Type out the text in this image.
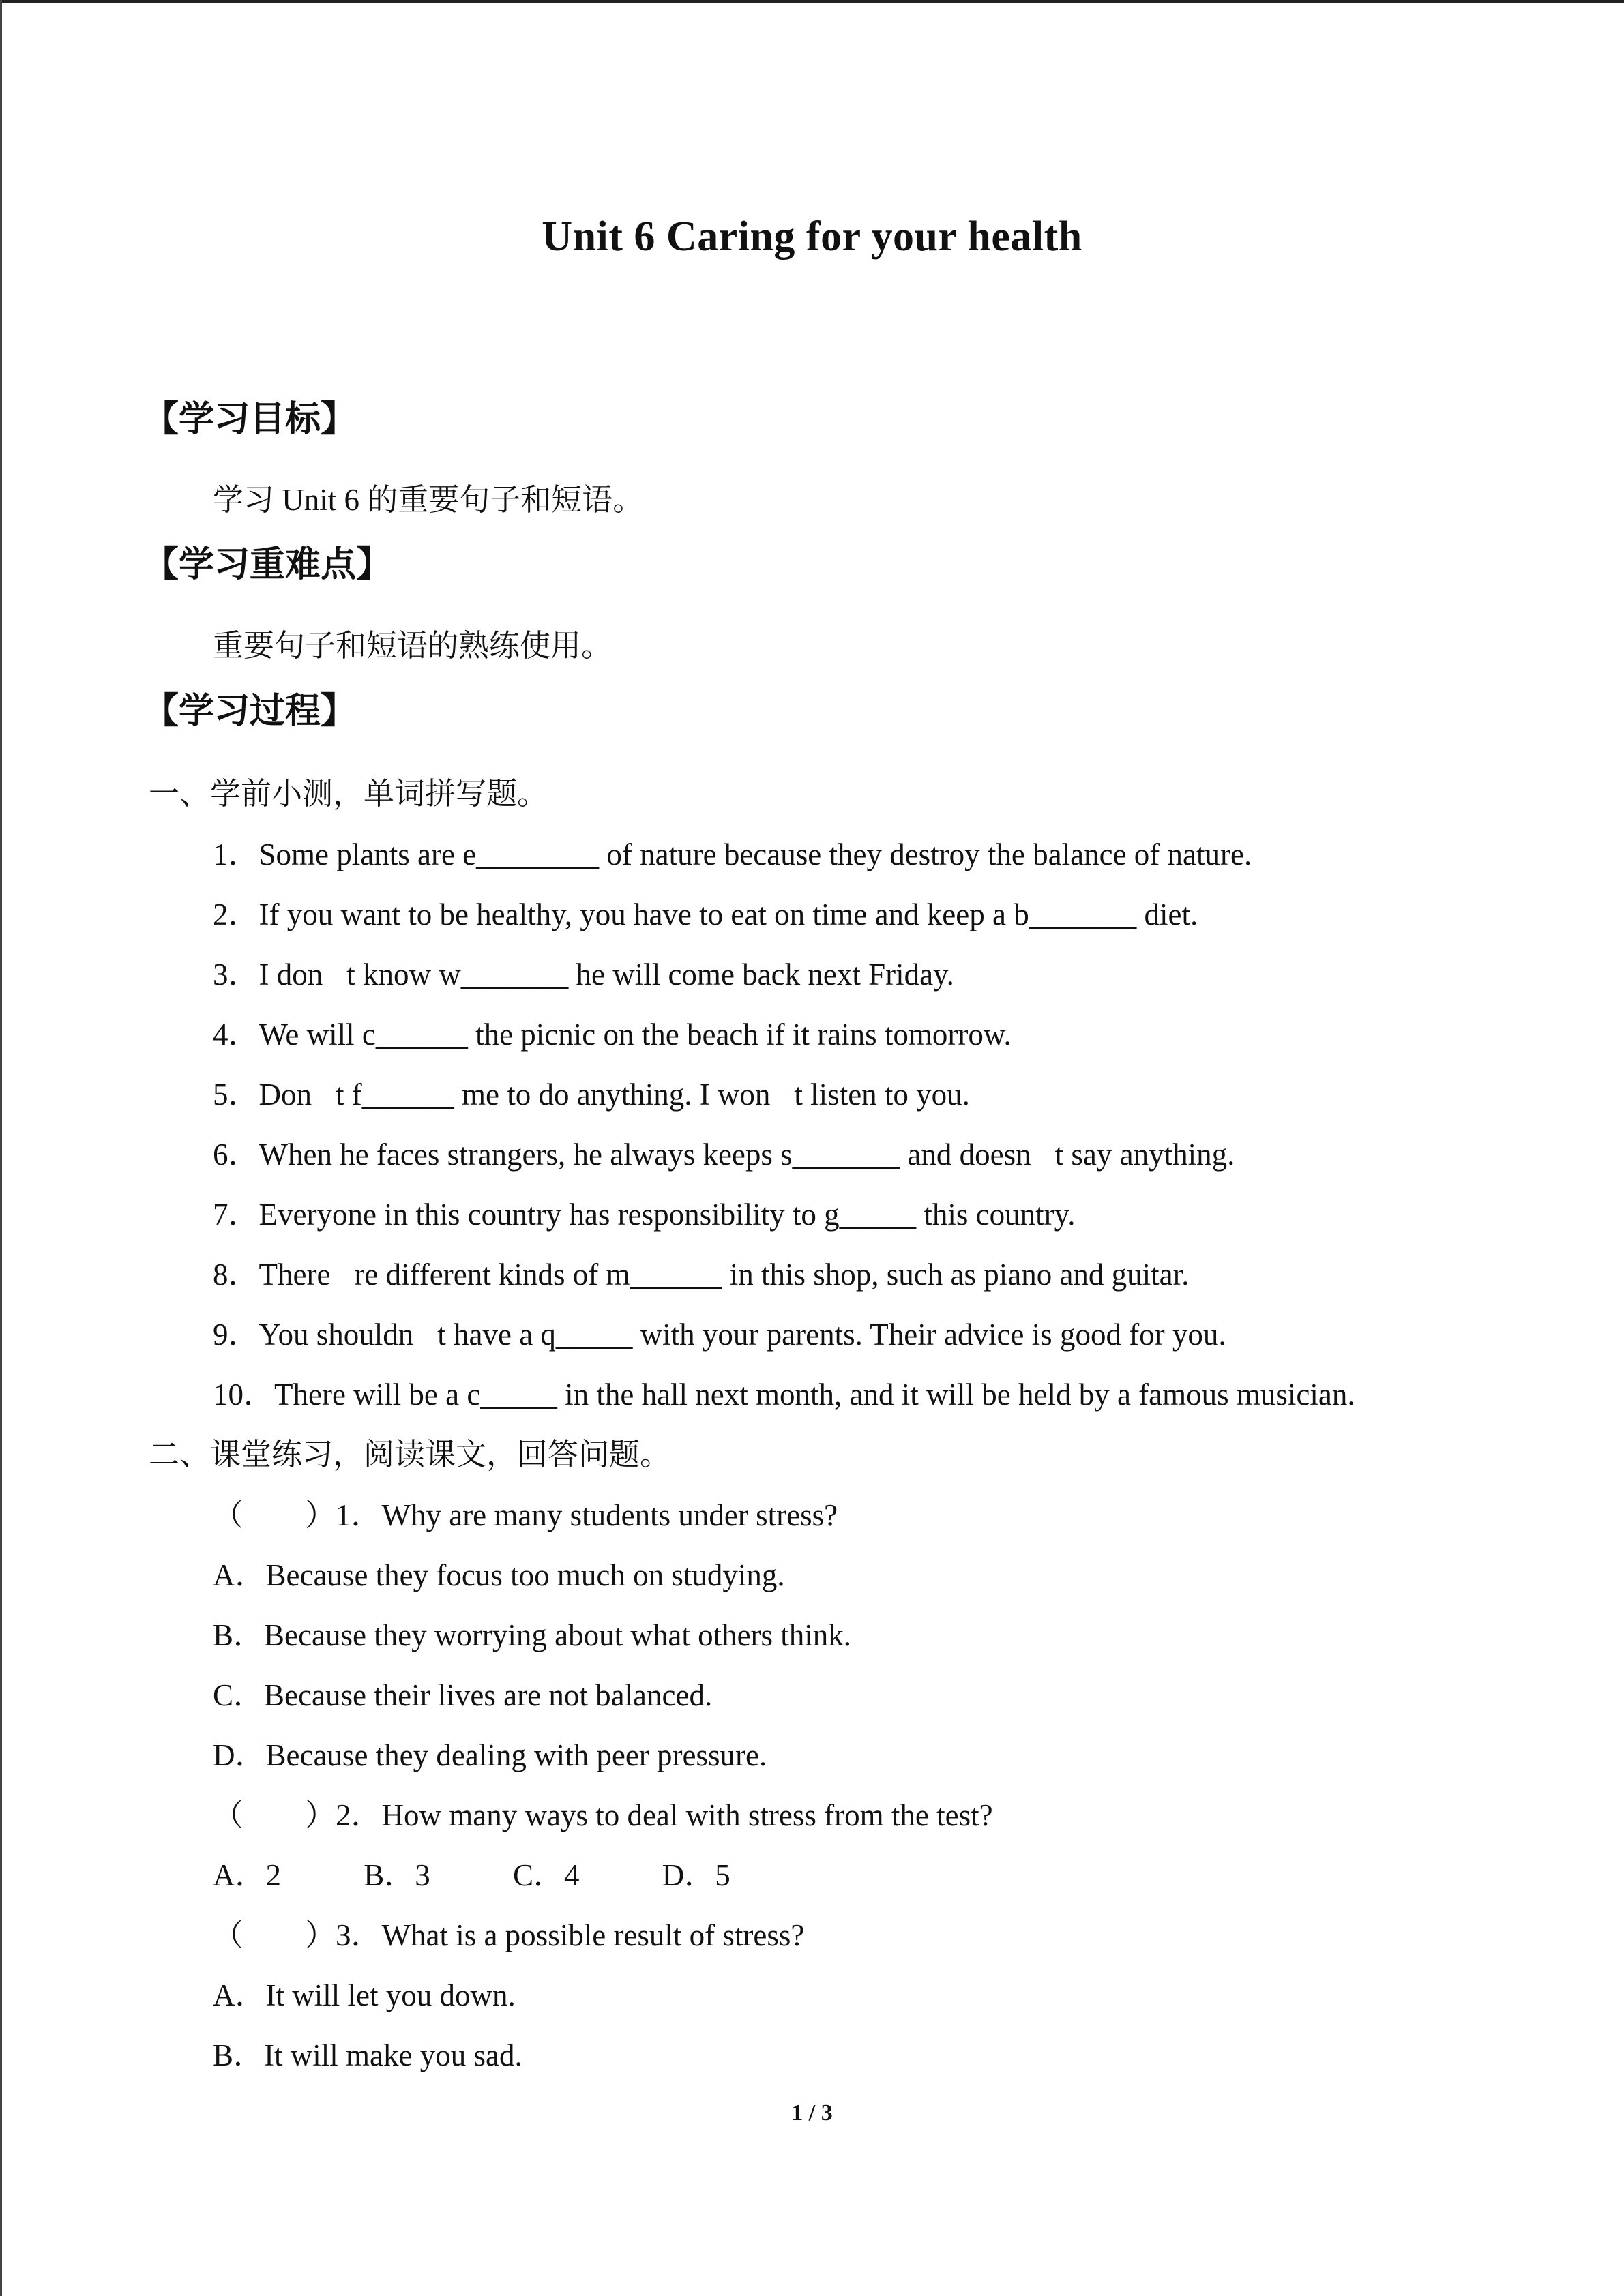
Unit 6 Caring for your health
【学习目标】
学习 Unit 6 的重要句子和短语。
【学习重难点】
重要句子和短语的熟练使用。
【学习过程】
一、学前小测，单词拼写题。
1．Some plants are e________ of nature because they destroy the balance of nature.
2．If you want to be healthy, you have to eat on time and keep a b_______ diet.
3．I don t know w_______ he will come back next Friday.
4．We will c______ the picnic on the beach if it rains tomorrow.
5．Don t f______ me to do anything. I won t listen to you.
6．When he faces strangers, he always keeps s_______ and doesn t say anything.
7．Everyone in this country has responsibility to g_____ this country.
8．There re different kinds of m______ in this shop, such as piano and guitar.
9．You shouldn t have a q_____ with your parents. Their advice is good for you.
10．There will be a c_____ in the hall next month, and it will be held by a famous musician.
二、课堂练习，阅读课文，回答问题。
（　　）1．Why are many students under stress?
A．Because they focus too much on studying.
B．Because they worrying about what others think.
C．Because their lives are not balanced.
D．Because they dealing with peer pressure.
（　　）2．How many ways to deal with stress from the test?
A．2	B．3	C．4	D．5
（　　）3．What is a possible result of stress?
A．It will let you down.
B．It will make you sad.
1 / 3
